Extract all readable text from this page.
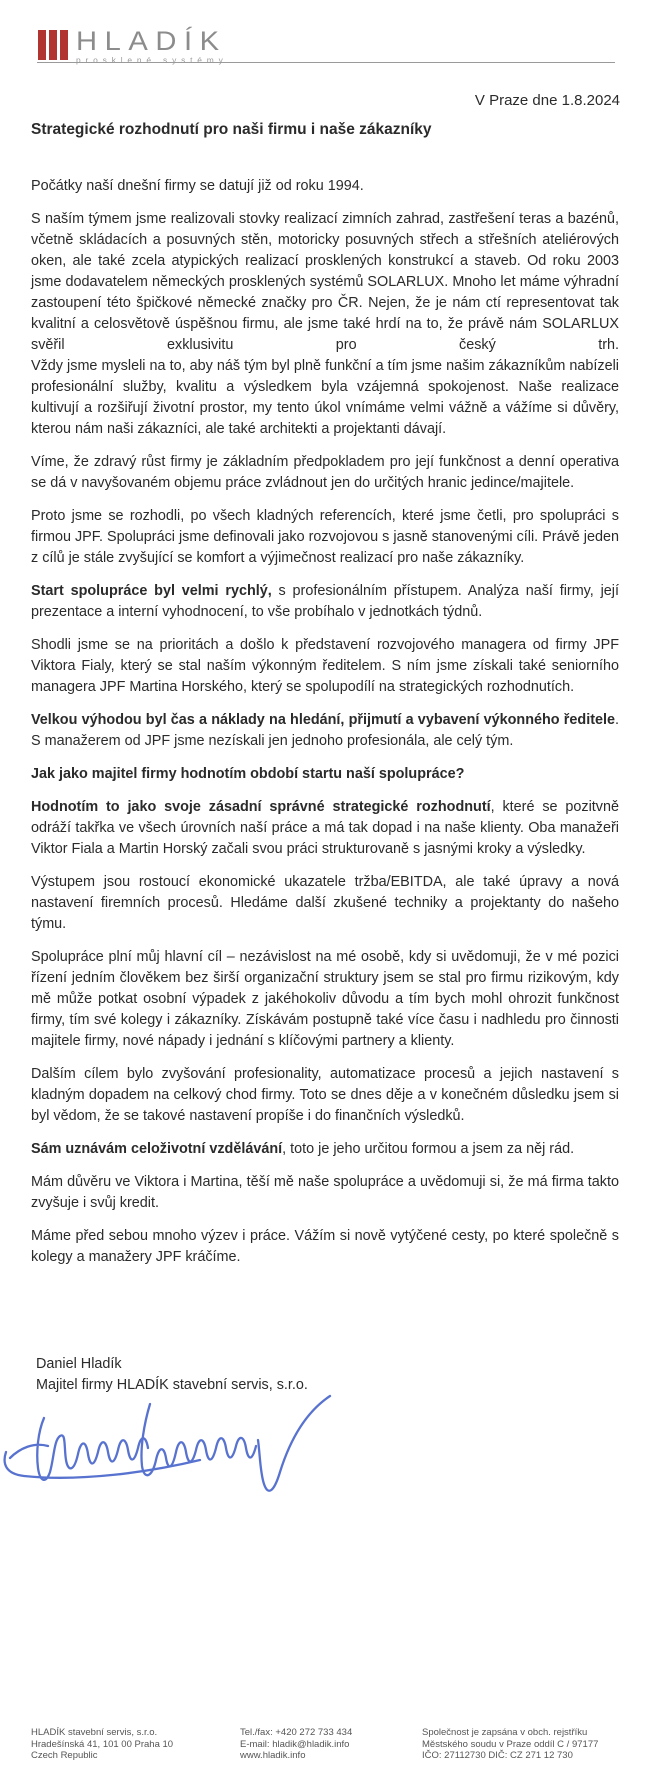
HLADÍK
prosklené systémy
V Praze dne 1.8.2024
Strategické rozhodnutí pro naši firmu i naše zákazníky

Počátky naší dnešní firmy se datují již od roku 1994.

S naším týmem jsme realizovali stovky realizací zimních zahrad, zastřešení teras a bazénů, včetně skládacích a posuvných stěn, motoricky posuvných střech a střešních ateliérových oken, ale také zcela atypických realizací prosklených konstrukcí a staveb. Od roku 2003 jsme dodavatelem německých prosklených systémů SOLARLUX. Mnoho let máme výhradní zastoupení této špičkové německé značky pro ČR. Nejen, že je nám ctí representovat tak kvalitní a celosvětově úspěšnou firmu, ale jsme také hrdí na to, že právě nám SOLARLUX svěřil exklusivitu pro český trh.

Vždy jsme mysleli na to, aby náš tým byl plně funkční a tím jsme našim zákazníkům nabízeli profesionální služby, kvalitu a výsledkem byla vzájemná spokojenost. Naše realizace kultivují a rozšiřují životní prostor, my tento úkol vnímáme velmi vážně a vážíme si důvěry, kterou nám naši zákazníci, ale také architekti a projektanti dávají.

Víme, že zdravý růst firmy je základním předpokladem pro její funkčnost a denní operativa se dá v navyšovaném objemu práce zvládnout jen do určitých hranic jedince/majitele.

Proto jsme se rozhodli, po všech kladných referencích, které jsme četli, pro spolupráci s firmou JPF. Spolupráci jsme definovali jako rozvojovou s jasně stanovenými cíli. Právě jeden z cílů je stále zvyšující se komfort a výjimečnost realizací pro naše zákazníky.

Start spolupráce byl velmi rychlý, s profesionálním přístupem. Analýza naší firmy, její prezentace a interní vyhodnocení, to vše probíhalo v jednotkách týdnů.

Shodli jsme se na prioritách a došlo k představení rozvojového managera od firmy JPF Viktora Fialy, který se stal naším výkonným ředitelem. S ním jsme získali také seniorního managera JPF Martina Horského, který se spolupodílí na strategických rozhodnutích.

Velkou výhodou byl čas a náklady na hledání, přijmutí a vybavení výkonného ředitele. S manažerem od JPF jsme nezískali jen jednoho profesionála, ale celý tým.

Jak jako majitel firmy hodnotím období startu naší spolupráce?

Hodnotím to jako svoje zásadní správné strategické rozhodnutí, které se pozitvně odráží takřka ve všech úrovních naší práce a má tak dopad i na naše klienty. Oba manažeři Viktor Fiala a Martin Horský začali svou práci strukturovaně s jasnými kroky a výsledky.

Výstupem jsou rostoucí ekonomické ukazatele tržba/EBITDA, ale také úpravy a nová nastavení firemních procesů. Hledáme další zkušené techniky a projektanty do našeho týmu.

Spolupráce plní můj hlavní cíl – nezávislost na mé osobě, kdy si uvědomuji, že v mé pozici řízení jedním člověkem bez širší organizační struktury jsem se stal pro firmu rizikovým, kdy mě může potkat osobní výpadek z jakéhokoliv důvodu a tím bych mohl ohrozit funkčnost firmy, tím své kolegy i zákazníky. Získávám postupně také více času i nadhledu pro činnosti majitele firmy, nové nápady i jednání s klíčovými partnery a klienty.

Dalším cílem bylo zvyšování profesionality, automatizace procesů a jejich nastavení s kladným dopadem na celkový chod firmy. Toto se dnes děje a v konečném důsledku jsem si byl vědom, že se takové nastavení propíše i do finančních výsledků.

Sám uznávám celoživotní vzdělávání, toto je jeho určitou formou a jsem za něj rád.

Mám důvěru ve Viktora i Martina, těší mě naše spolupráce a uvědomuji si, že má firma takto zvyšuje i svůj kredit.

Máme před sebou mnoho výzev i práce. Vážím si nově vytýčené cesty, po které společně s kolegy a manažery JPF kráčíme.

Daniel Hladík
Majitel firmy HLADÍK stavební servis, s.r.o.
HLADÍK stavební servis, s.r.o.
Hradešínská 41, 101 00 Praha 10
Czech Republic
Tel./fax: +420 272 733 434
E-mail: hladik@hladik.info
www.hladik.info
Společnost je zapsána v obch. rejstříku
Městského soudu v Praze oddíl C / 97177
IČO: 27112730 DIČ: CZ 271 12 730
